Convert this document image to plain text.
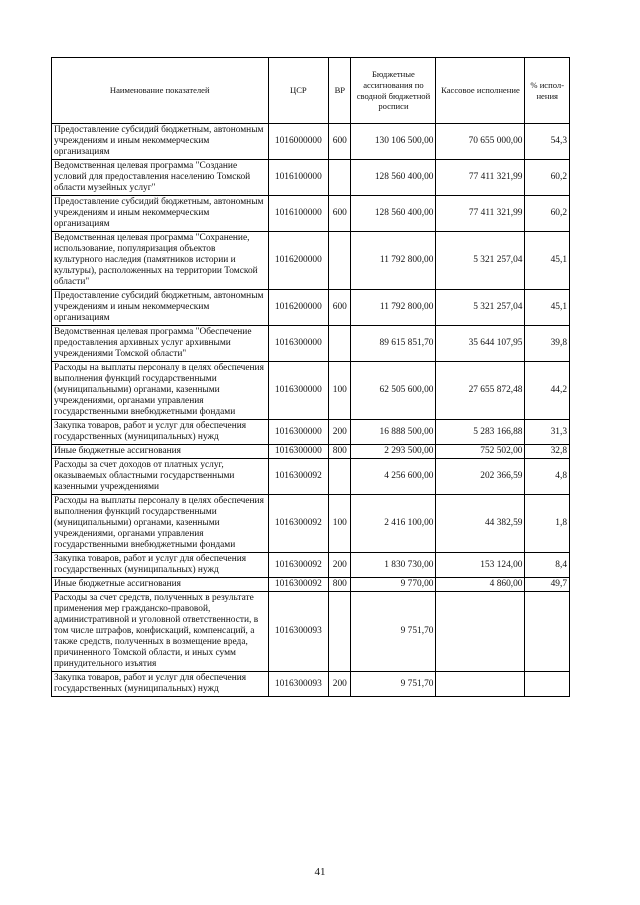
Наименование показателей	ЦСР	ВР	Бюджетные ассигнования по сводной бюджетной росписи	Кассовое исполнение	% испол-нения
Предоставление субсидий бюджетным, автономным учреждениям и иным некоммерческим организациям	1016000000	600	130 106 500,00	70 655 000,00	54,3
Ведомственная целевая программа "Создание условий для предоставления населению Томской области музейных услуг"	1016100000		128 560 400,00	77 411 321,99	60,2
Предоставление субсидий бюджетным, автономным учреждениям и иным некоммерческим организациям	1016100000	600	128 560 400,00	77 411 321,99	60,2
Ведомственная целевая программа "Сохранение, использование, популяризация объектов культурного наследия (памятников истории и культуры), расположенных на территории Томской области"	1016200000		11 792 800,00	5 321 257,04	45,1
Предоставление субсидий бюджетным, автономным учреждениям и иным некоммерческим организациям	1016200000	600	11 792 800,00	5 321 257,04	45,1
Ведомственная целевая программа "Обеспечение предоставления архивных услуг архивными учреждениями Томской области"	1016300000		89 615 851,70	35 644 107,95	39,8
Расходы на выплаты персоналу в целях обеспечения выполнения функций государственными (муниципальными) органами, казенными учреждениями, органами управления государственными внебюджетными фондами	1016300000	100	62 505 600,00	27 655 872,48	44,2
Закупка товаров, работ и услуг для обеспечения государственных (муниципальных) нужд	1016300000	200	16 888 500,00	5 283 166,88	31,3
Иные бюджетные ассигнования	1016300000	800	2 293 500,00	752 502,00	32,8
Расходы за счет доходов от платных услуг, оказываемых областными государственными казенными учреждениями	1016300092		4 256 600,00	202 366,59	4,8
Расходы на выплаты персоналу в целях обеспечения выполнения функций государственными (муниципальными) органами, казенными учреждениями, органами управления государственными внебюджетными фондами	1016300092	100	2 416 100,00	44 382,59	1,8
Закупка товаров, работ и услуг для обеспечения государственных (муниципальных) нужд	1016300092	200	1 830 730,00	153 124,00	8,4
Иные бюджетные ассигнования	1016300092	800	9 770,00	4 860,00	49,7
Расходы за счет средств, полученных в результате применения мер гражданско-правовой, административной и уголовной ответственности, в том числе штрафов, конфискаций, компенсаций, а также средств, полученных в возмещение вреда, причиненного Томской области, и иных сумм принудительного изъятия	1016300093		9 751,70		
Закупка товаров, работ и услуг для обеспечения государственных (муниципальных) нужд	1016300093	200	9 751,70		
41
